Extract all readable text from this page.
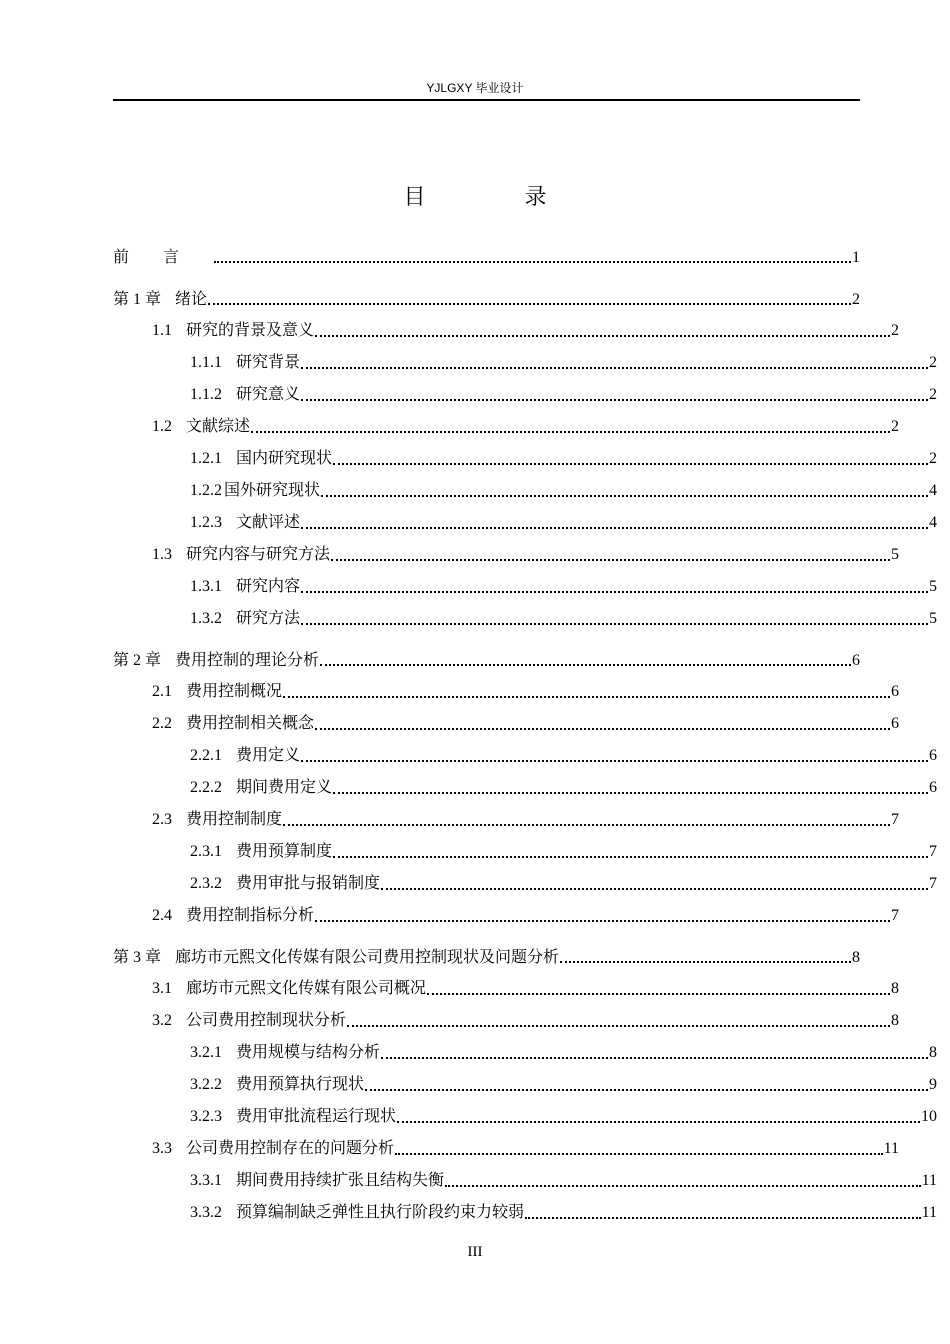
YJLGXY 毕业设计
目 录
前言	1
第 1 章 绪论	2
1.1 研究的背景及意义	2
1.1.1 研究背景	2
1.1.2 研究意义	2
1.2 文献综述	2
1.2.1 国内研究现状	2
1.2.2 国外研究现状	4
1.2.3 文献评述	4
1.3 研究内容与研究方法	5
1.3.1 研究内容	5
1.3.2 研究方法	5
第 2 章 费用控制的理论分析	6
2.1 费用控制概况	6
2.2 费用控制相关概念	6
2.2.1 费用定义	6
2.2.2 期间费用定义	6
2.3 费用控制制度	7
2.3.1 费用预算制度	7
2.3.2 费用审批与报销制度	7
2.4 费用控制指标分析	7
第 3 章 廊坊市元熙文化传媒有限公司费用控制现状及问题分析	8
3.1 廊坊市元熙文化传媒有限公司概况	8
3.2 公司费用控制现状分析	8
3.2.1 费用规模与结构分析	8
3.2.2 费用预算执行现状	9
3.2.3 费用审批流程运行现状	10
3.3 公司费用控制存在的问题分析	11
3.3.1 期间费用持续扩张且结构失衡	11
3.3.2 预算编制缺乏弹性且执行阶段约束力较弱	11
III
